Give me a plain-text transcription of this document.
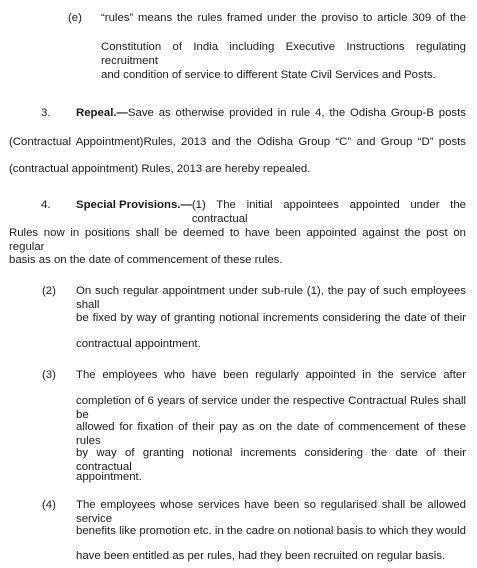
(e) “rules” means the rules framed under the proviso to article 309 of the
Constitution of India including Executive Instructions regulating recruitment
and condition of service to different State Civil Services and Posts.
3. Repeal.— Save as otherwise provided in rule 4, the Odisha Group-B posts
(Contractual Appointment)Rules, 2013 and the Odisha Group “C” and Group “D” posts
(contractual appointment) Rules, 2013 are hereby repealed.
4. Special Provisions.— (1) The initial appointees appointed under the contractual
Rules now in positions shall be deemed to have been appointed against the post on regular
basis as on the date of commencement of these rules.
(2) On such regular appointment under sub-rule (1), the pay of such employees shall
be fixed by way of granting notional increments considering the date of their
contractual appointment.
(3) The employees who have been regularly appointed in the service after
completion of 6 years of service under the respective Contractual Rules shall be
allowed for fixation of their pay as on the date of commencement of these rules
by way of granting notional increments considering the date of their contractual
appointment.
(4) The employees whose services have been so regularised shall be allowed service
benefits like promotion etc. in the cadre on notional basis to which they would
have been entitled as per rules, had they been recruited on regular basis.
